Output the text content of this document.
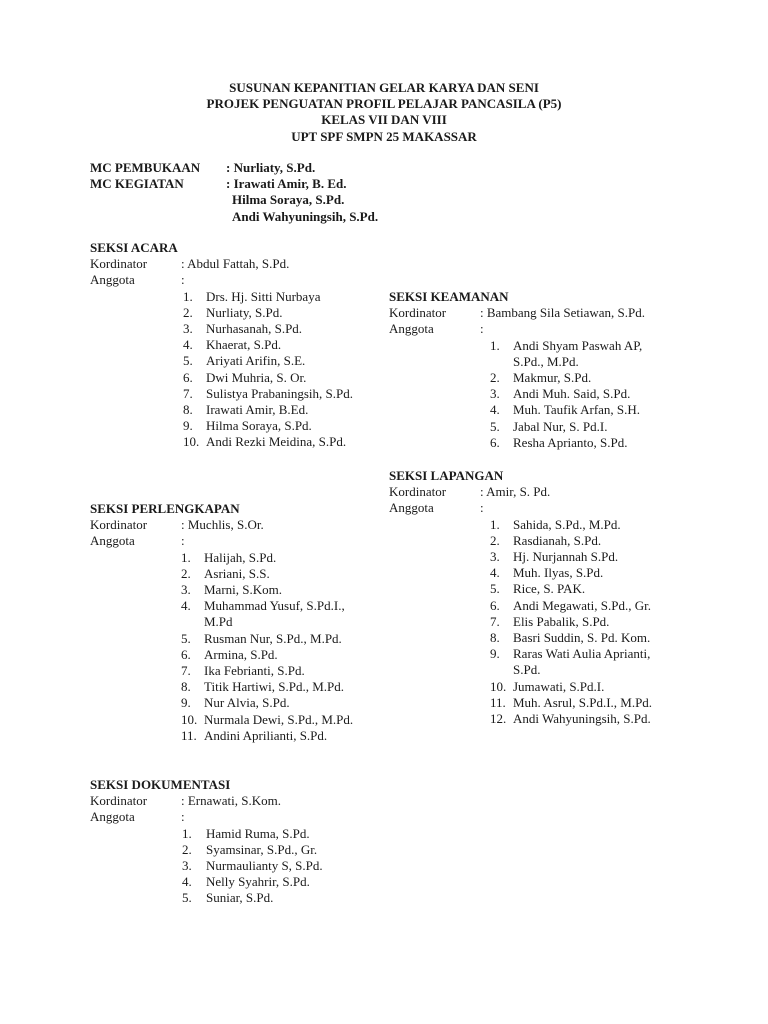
SUSUNAN KEPANITIAN GELAR KARYA DAN SENI
PROJEK PENGUATAN PROFIL PELAJAR PANCASILA (P5)
KELAS VII DAN VIII
UPT SPF SMPN 25 MAKASSAR
MC PEMBUKAAN	: Nurliaty, S.Pd.
MC KEGIATAN	: Irawati Amir, B. Ed.
Hilma Soraya, S.Pd.
Andi Wahyuningsih, S.Pd.
SEKSI ACARA
Kordinator	: Abdul Fattah, S.Pd.
Anggota	:
1.	Drs. Hj. Sitti Nurbaya
2.	Nurliaty, S.Pd.
3.	Nurhasanah, S.Pd.
4.	Khaerat, S.Pd.
5.	Ariyati Arifin, S.E.
6.	Dwi Muhria, S. Or.
7.	Sulistya Prabaningsih, S.Pd.
8.	Irawati Amir, B.Ed.
9.	Hilma Soraya, S.Pd.
10. Andi Rezki Meidina, S.Pd.
SEKSI KEAMANAN
Kordinator	: Bambang Sila Setiawan, S.Pd.
Anggota	:
1.	Andi Shyam Paswah AP,
S.Pd., M.Pd.
2.	Makmur, S.Pd.
3.	Andi Muh. Said, S.Pd.
4.	Muh. Taufik Arfan, S.H.
5.	Jabal Nur, S. Pd.I.
6.	Resha Aprianto, S.Pd.
SEKSI LAPANGAN
Kordinator	: Amir, S. Pd.
Anggota	:
1.	Sahida, S.Pd., M.Pd.
2.	Rasdianah, S.Pd.
3.	Hj. Nurjannah S.Pd.
4.	Muh. Ilyas, S.Pd.
5.	Rice, S. PAK.
6.	Andi Megawati, S.Pd., Gr.
7.	Elis Pabalik, S.Pd.
8.	Basri Suddin, S. Pd. Kom.
9.	Raras Wati Aulia Aprianti,
S.Pd.
10. Jumawati, S.Pd.I.
11. Muh. Asrul, S.Pd.I., M.Pd.
12. Andi Wahyuningsih, S.Pd.
SEKSI PERLENGKAPAN
Kordinator	: Muchlis, S.Or.
Anggota	:
1.	Halijah, S.Pd.
2.	Asriani, S.S.
3.	Marni, S.Kom.
4.	Muhammad Yusuf, S.Pd.I.,
M.Pd
5.	Rusman Nur, S.Pd., M.Pd.
6.	Armina, S.Pd.
7.	Ika Febrianti, S.Pd.
8.	Titik Hartiwi, S.Pd., M.Pd.
9.	Nur Alvia, S.Pd.
10. Nurmala Dewi, S.Pd., M.Pd.
11. Andini Aprilianti, S.Pd.
SEKSI DOKUMENTASI
Kordinator	: Ernawati, S.Kom.
Anggota	:
1.	Hamid Ruma, S.Pd.
2.	Syamsinar, S.Pd., Gr.
3.	Nurmaulianty S, S.Pd.
4.	Nelly Syahrir, S.Pd.
5.	Suniar, S.Pd.
